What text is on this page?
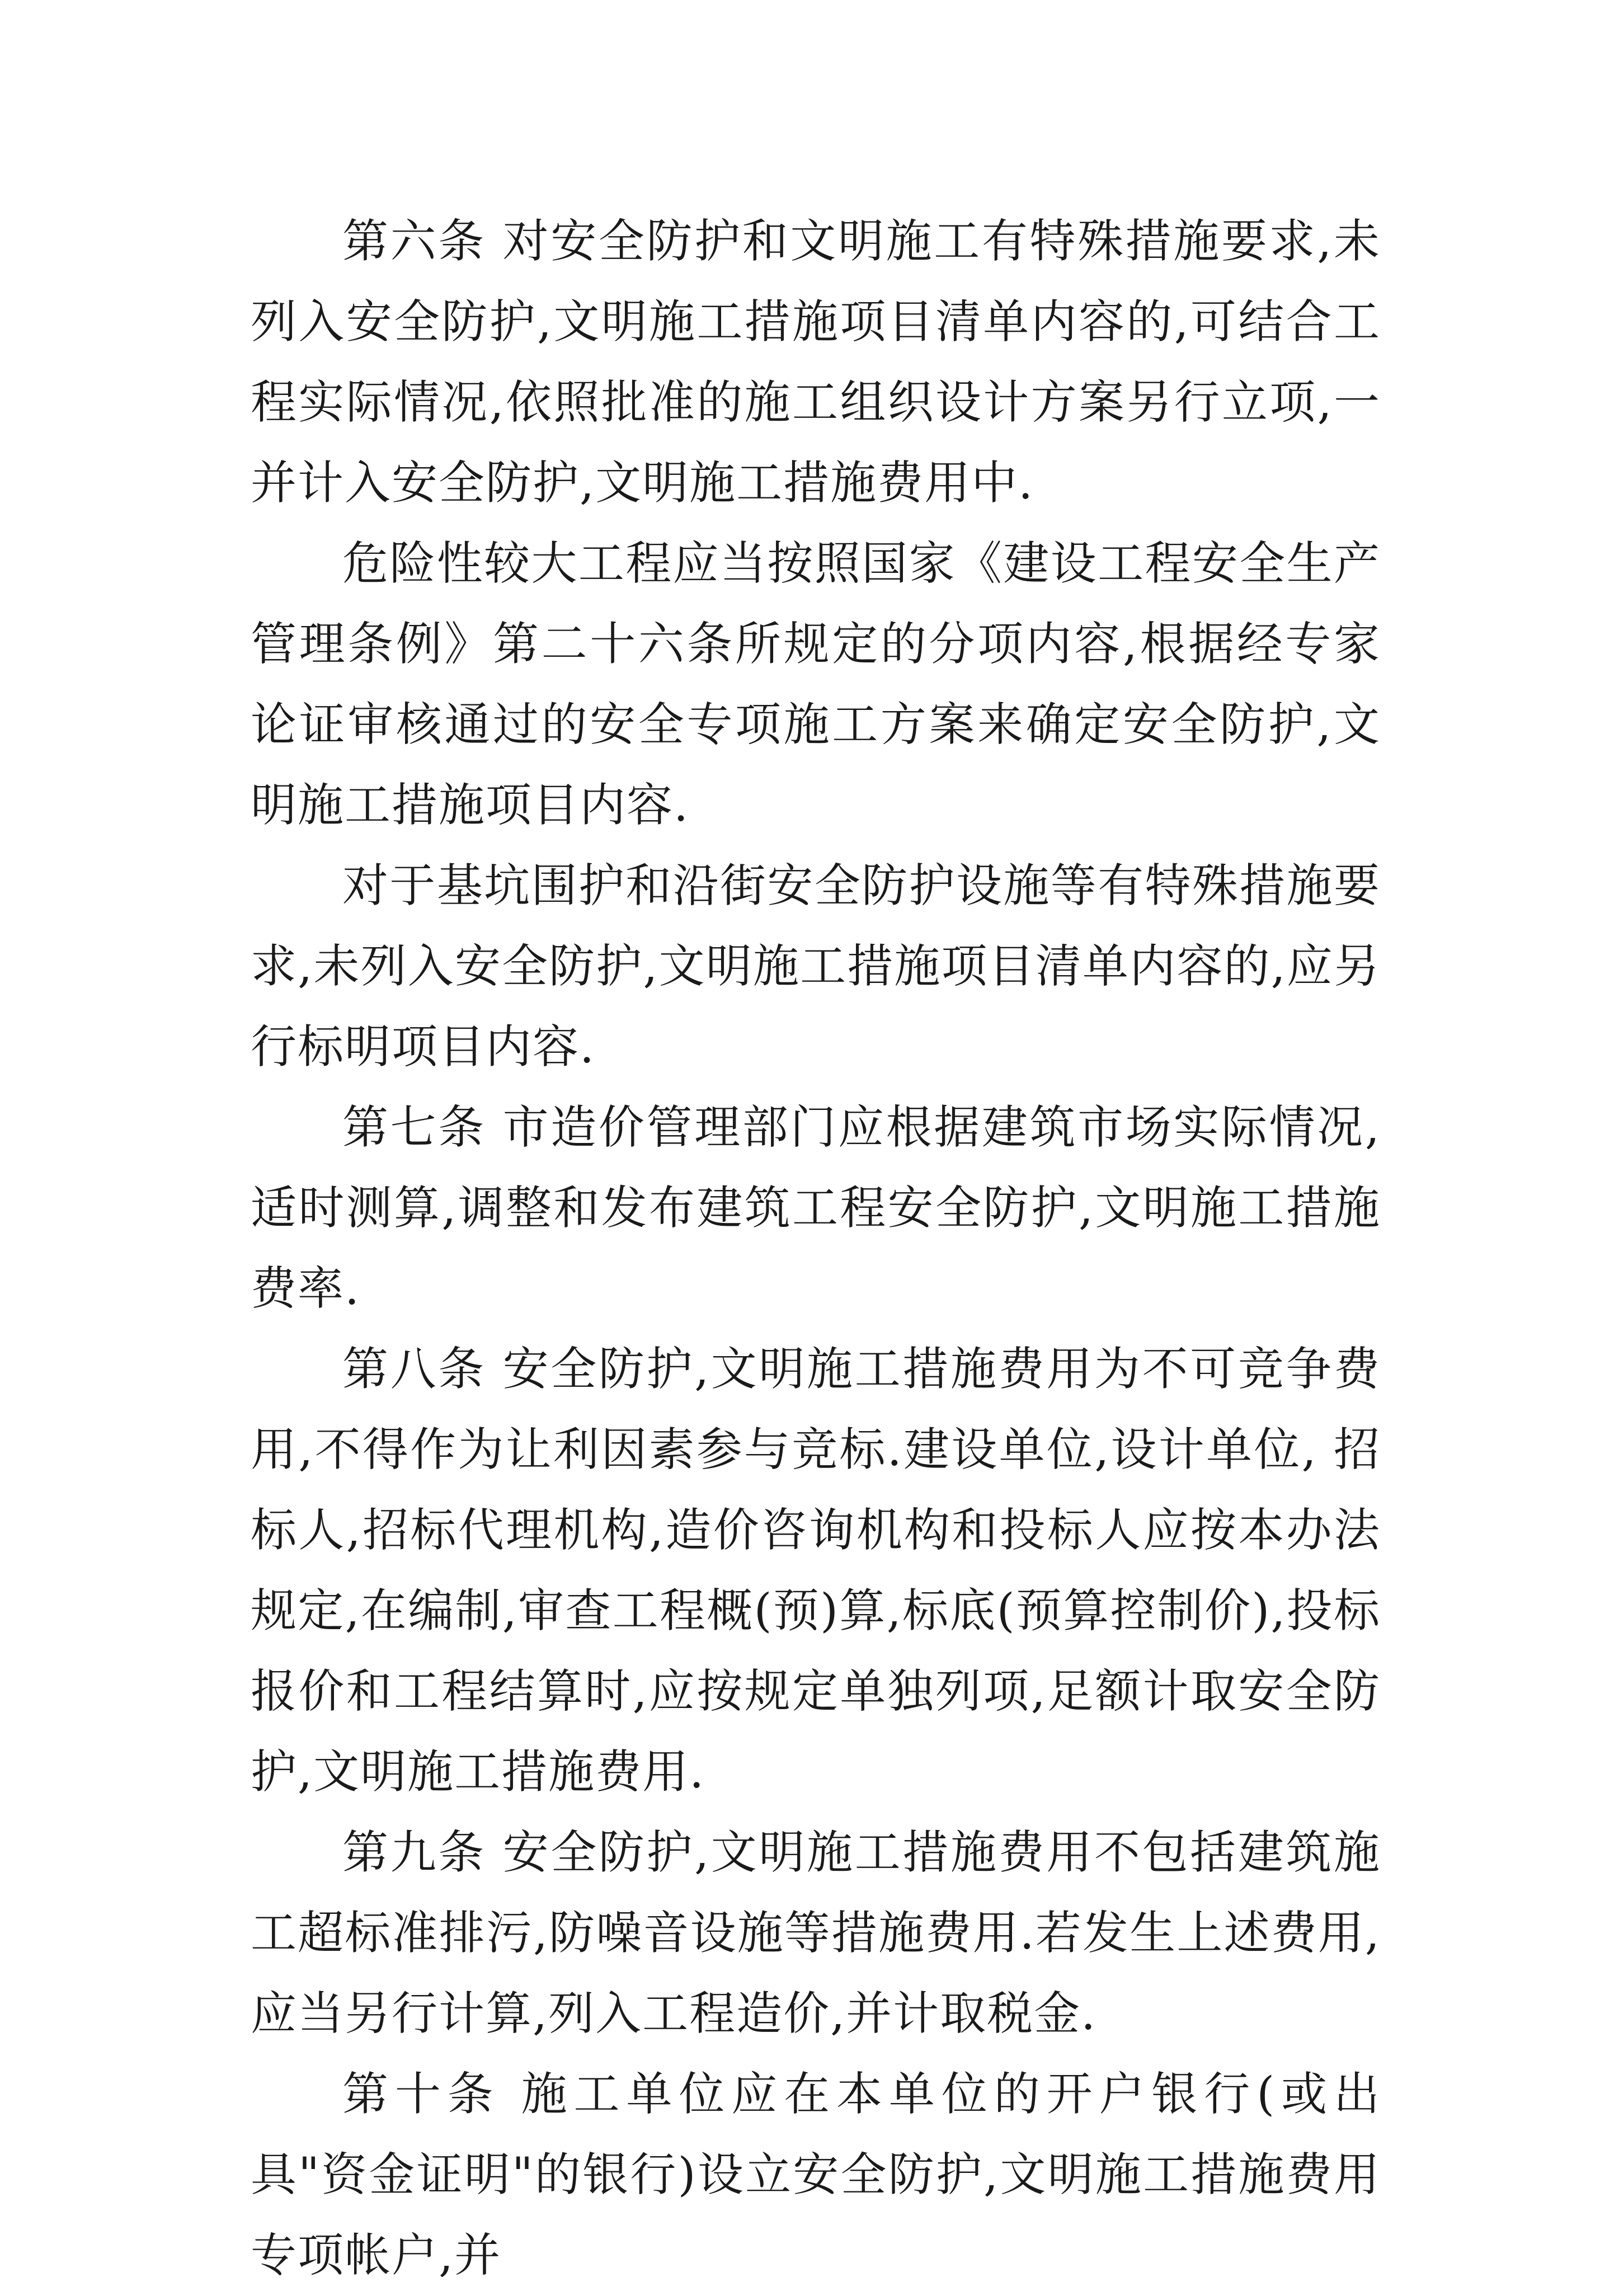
第六条 对安全防护和文明施工有特殊措施要求,未列入安全防护,文明施工措施项目清单内容的,可结合工程实际情况,依照批准的施工组织设计方案另行立项,一并计入安全防护,文明施工措施费用中.

危险性较大工程应当按照国家《建设工程安全生产管理条例》第二十六条所规定的分项内容,根据经专家论证审核通过的安全专项施工方案来确定安全防护,文明施工措施项目内容.

对于基坑围护和沿街安全防护设施等有特殊措施要求,未列入安全防护,文明施工措施项目清单内容的,应另行标明项目内容.

第七条 市造价管理部门应根据建筑市场实际情况,适时测算,调整和发布建筑工程安全防护,文明施工措施费率.

第八条 安全防护,文明施工措施费用为不可竞争费用,不得作为让利因素参与竞标.建设单位,设计单位, 招标人,招标代理机构,造价咨询机构和投标人应按本办法规定,在编制,审查工程概(预)算,标底(预算控制价),投标报价和工程结算时,应按规定单独列项,足额计取安全防护,文明施工措施费用.

第九条 安全防护,文明施工措施费用不包括建筑施工超标准排污,防噪音设施等措施费用.若发生上述费用,应当另行计算,列入工程造价,并计取税金.

第十条 施工单位应在本单位的开户银行(或出具"资金证明"的银行)设立安全防护,文明施工措施费用专项帐户,并
